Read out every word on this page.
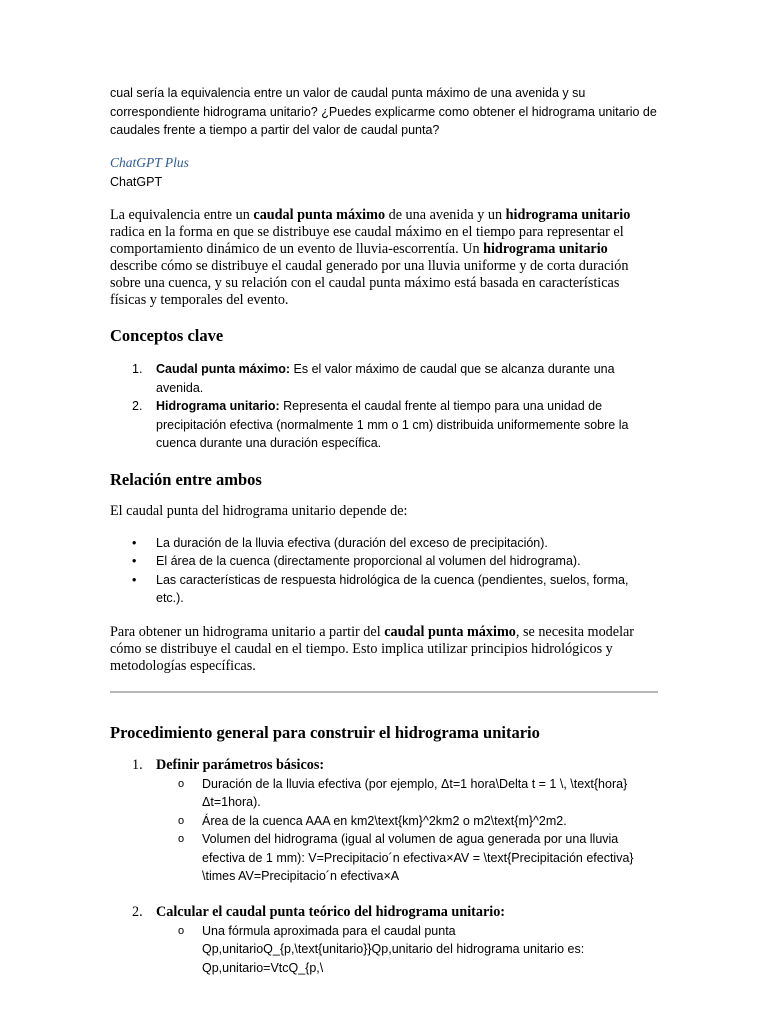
cual sería la equivalencia entre un valor de caudal punta máximo de una avenida y su correspondiente hidrograma unitario? ¿Puedes explicarme como obtener el hidrograma unitario de caudales frente a tiempo a partir del valor de caudal punta?

ChatGPT Plus
ChatGPT

La equivalencia entre un caudal punta máximo de una avenida y un hidrograma unitario radica en la forma en que se distribuye ese caudal máximo en el tiempo para representar el comportamiento dinámico de un evento de lluvia-escorrentía. Un hidrograma unitario describe cómo se distribuye el caudal generado por una lluvia uniforme y de corta duración sobre una cuenca, y su relación con el caudal punta máximo está basada en características físicas y temporales del evento.

Conceptos clave
1. Caudal punta máximo: Es el valor máximo de caudal que se alcanza durante una avenida.
2. Hidrograma unitario: Representa el caudal frente al tiempo para una unidad de precipitación efectiva (normalmente 1 mm o 1 cm) distribuida uniformemente sobre la cuenca durante una duración específica.
Relación entre ambos

El caudal punta del hidrograma unitario depende de:

• La duración de la lluvia efectiva (duración del exceso de precipitación).
• El área de la cuenca (directamente proporcional al volumen del hidrograma).
• Las características de respuesta hidrológica de la cuenca (pendientes, suelos, forma, etc.).

Para obtener un hidrograma unitario a partir del caudal punta máximo, se necesita modelar cómo se distribuye el caudal en el tiempo. Esto implica utilizar principios hidrológicos y metodologías específicas.

Procedimiento general para construir el hidrograma unitario
1. Definir parámetros básicos:
o Duración de la lluvia efectiva (por ejemplo, Δt=1 hora\Delta t = 1 \, \text{hora}Δt=1hora).
o Área de la cuenca AAA en km2\text{km}^2km2 o m2\text{m}^2m2.
o Volumen del hidrograma (igual al volumen de agua generada por una lluvia efectiva de 1 mm): V=Precipitacio´n efectiva×AV = \text{Precipitación efectiva} \times AV=Precipitacio´n efectiva×A
2. Calcular el caudal punta teórico del hidrograma unitario:
o Una fórmula aproximada para el caudal punta Qp,unitarioQ_{p,\text{unitario}}Qp,unitario del hidrograma unitario es: Qp,unitario=VtcQ_{p,\
